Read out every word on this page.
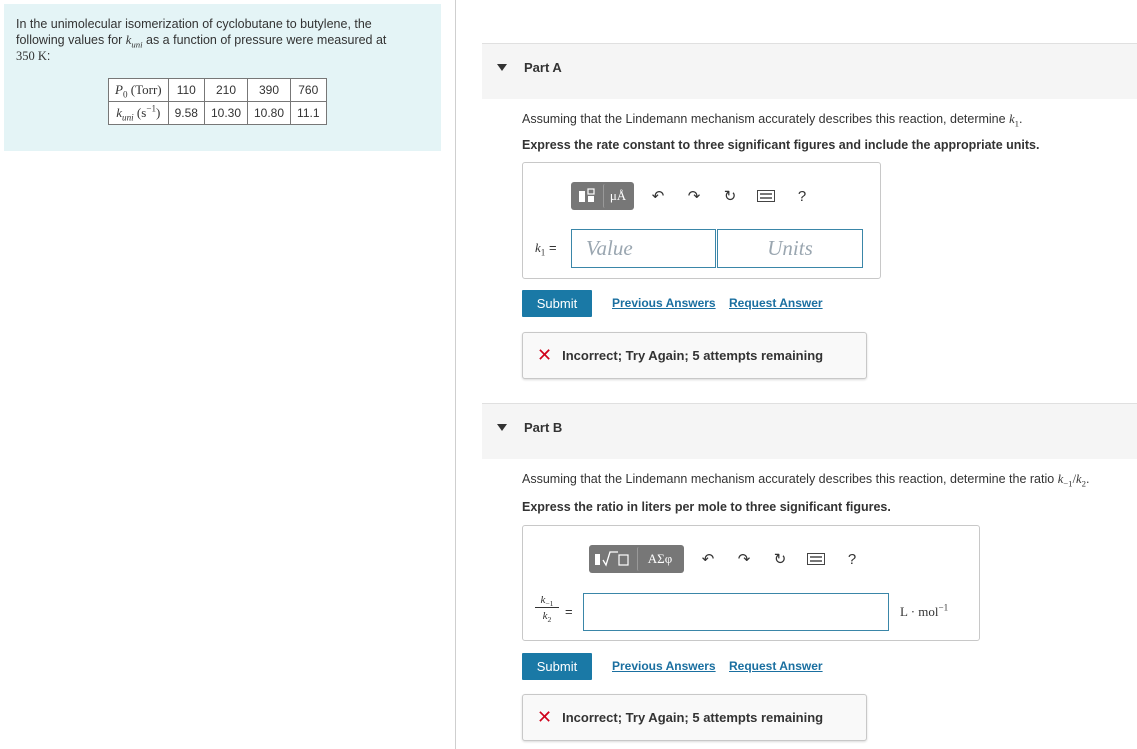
In the unimolecular isomerization of cyclobutane to butylene, the
following values for $k_{uni}$ as a function of pressure were measured at
350 K:
$P_0$ (Torr)	110	210	390	760
$k_{uni}$ $(s^{-1})$	9.58	10.30	10.80	11.1
Part A
Assuming that the Lindemann mechanism accurately describes this reaction, determine $k_1$.
Express the rate constant to three significant figures and include the appropriate units.
μÅ	↶	↷	↻	?
$k_1$ =	Value	Units
Submit	Previous Answers Request Answer
✕ Incorrect; Try Again; 5 attempts remaining
Part B
Assuming that the Lindemann mechanism accurately describes this reaction, determine the ratio $k_{-1}/k_2$.
Express the ratio in liters per mole to three significant figures.
ΑΣφ	↶	↷	↻	?
$\frac{k_{-1}}{k_2}$ =	L · mol$^{-1}$
Submit	Previous Answers Request Answer
✕ Incorrect; Try Again; 5 attempts remaining
